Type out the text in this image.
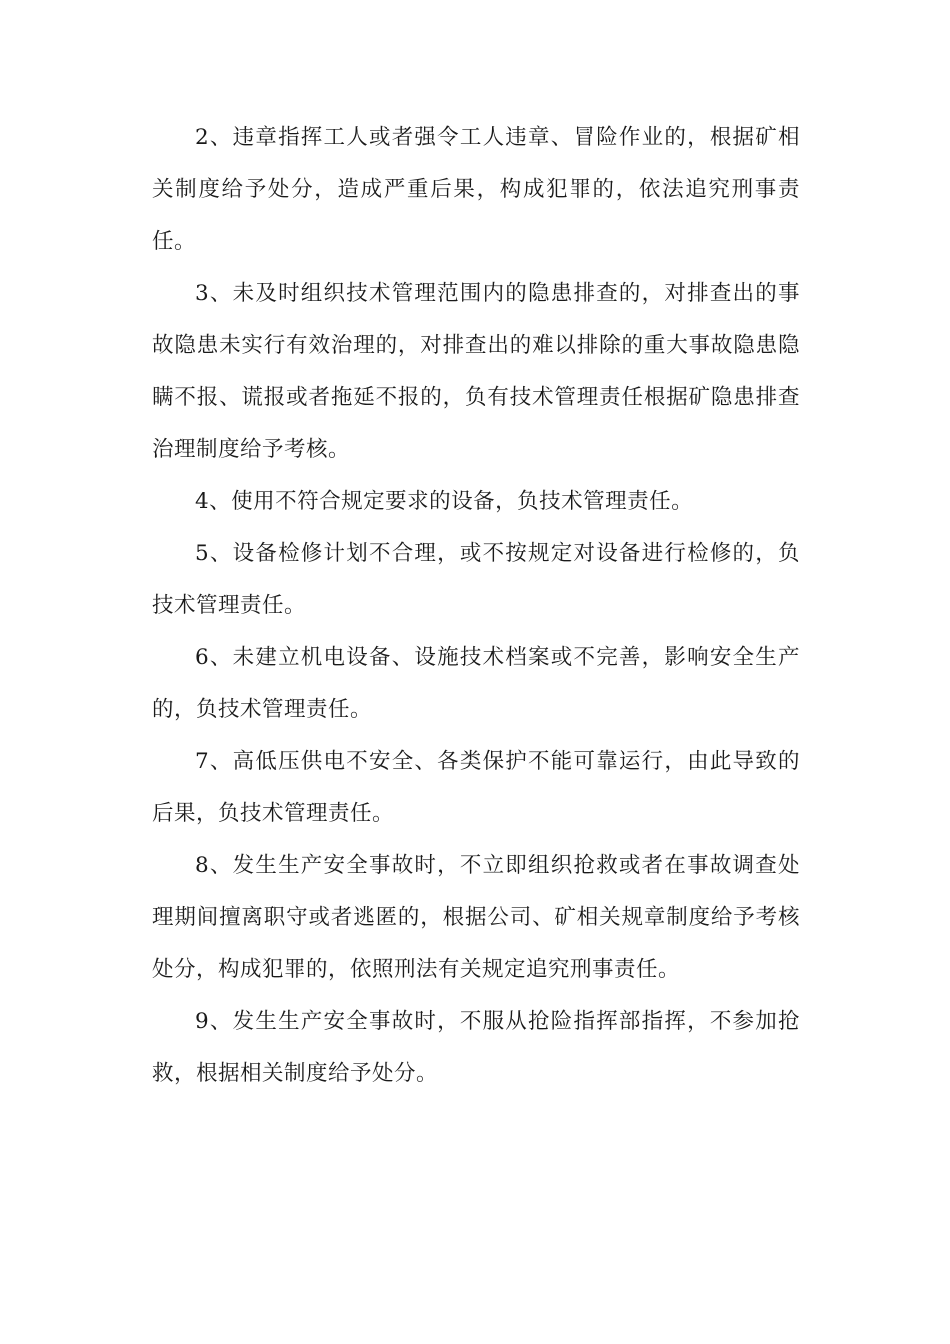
2、违章指挥工人或者强令工人违章、冒险作业的，根据矿相关制度给予处分，造成严重后果，构成犯罪的，依法追究刑事责任。

3、未及时组织技术管理范围内的隐患排查的，对排查出的事故隐患未实行有效治理的，对排查出的难以排除的重大事故隐患隐瞒不报、谎报或者拖延不报的，负有技术管理责任根据矿隐患排查治理制度给予考核。

4、使用不符合规定要求的设备，负技术管理责任。

5、设备检修计划不合理，或不按规定对设备进行检修的，负技术管理责任。

6、未建立机电设备、设施技术档案或不完善，影响安全生产的，负技术管理责任。

7、高低压供电不安全、各类保护不能可靠运行，由此导致的后果，负技术管理责任。

8、发生生产安全事故时，不立即组织抢救或者在事故调查处理期间擅离职守或者逃匿的，根据公司、矿相关规章制度给予考核处分，构成犯罪的，依照刑法有关规定追究刑事责任。

9、发生生产安全事故时，不服从抢险指挥部指挥，不参加抢救，根据相关制度给予处分。
